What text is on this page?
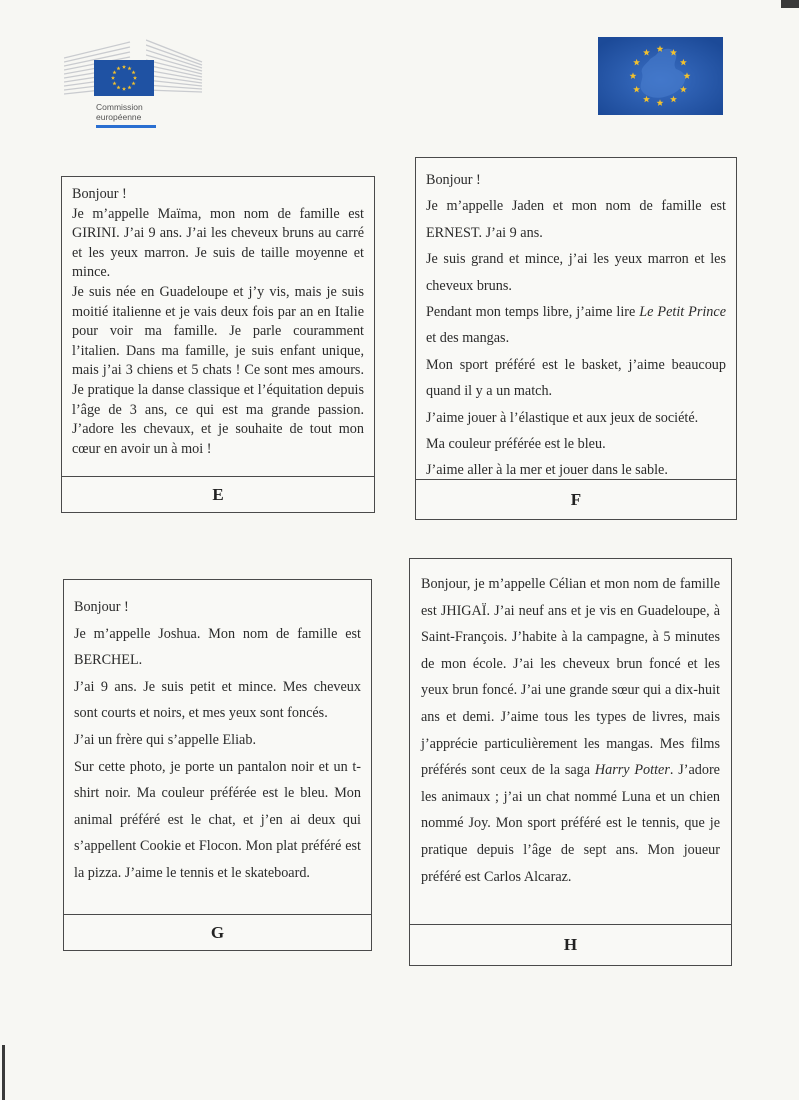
Commission
européenne

Bonjour !

Je m’appelle Maïma, mon nom de famille est GIRINI. J’ai 9 ans. J’ai les cheveux bruns au carré et les yeux marron. Je suis de taille moyenne et mince.

Je suis née en Guadeloupe et j’y vis, mais je suis moitié italienne et je vais deux fois par an en Italie pour voir ma famille. Je parle couramment l’italien. Dans ma famille, je suis enfant unique, mais j’ai 3 chiens et 5 chats ! Ce sont mes amours. Je pratique la danse classique et l’équitation depuis l’âge de 3 ans, ce qui est ma grande passion. J’adore les chevaux, et je souhaite de tout mon cœur en avoir un à moi !

E

Bonjour !

Je m’appelle Jaden et mon nom de famille est ERNEST. J’ai 9 ans.

Je suis grand et mince, j’ai les yeux marron et les cheveux bruns.

Pendant mon temps libre, j’aime lire Le Petit Prince et des mangas.

Mon sport préféré est le basket, j’aime beaucoup quand il y a un match.

J’aime jouer à l’élastique et aux jeux de société.

Ma couleur préférée est le bleu.

J’aime aller à la mer et jouer dans le sable.

F

Bonjour !

Je m’appelle Joshua. Mon nom de famille est BERCHEL.

J’ai 9 ans. Je suis petit et mince. Mes cheveux sont courts et noirs, et mes yeux sont foncés.

J’ai un frère qui s’appelle Eliab.

Sur cette photo, je porte un pantalon noir et un t-shirt noir. Ma couleur préférée est le bleu. Mon animal préféré est le chat, et j’en ai deux qui s’appellent Cookie et Flocon. Mon plat préféré est la pizza. J’aime le tennis et le skateboard.

G

Bonjour, je m’appelle Célian et mon nom de famille est JHIGAÏ. J’ai neuf ans et je vis en Guadeloupe, à Saint-François. J’habite à la campagne, à 5 minutes de mon école. J’ai les cheveux brun foncé et les yeux brun foncé. J’ai une grande sœur qui a dix-huit ans et demi. J’aime tous les types de livres, mais j’apprécie particulièrement les mangas. Mes films préférés sont ceux de la saga Harry Potter. J’adore les animaux ; j’ai un chat nommé Luna et un chien nommé Joy. Mon sport préféré est le tennis, que je pratique depuis l’âge de sept ans. Mon joueur préféré est Carlos Alcaraz.

H
